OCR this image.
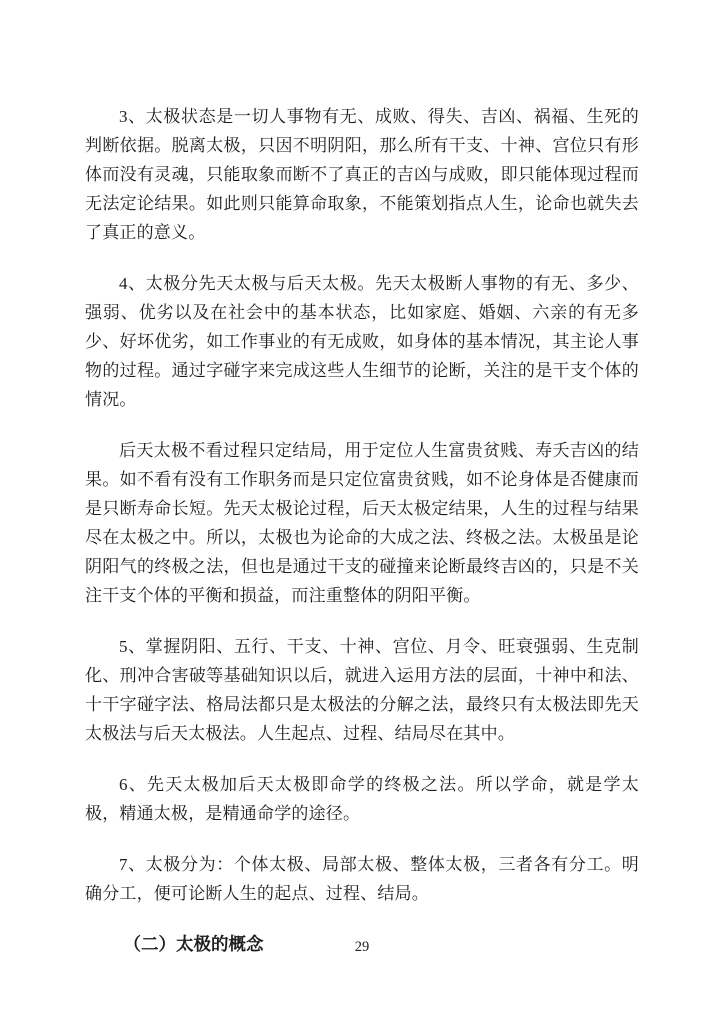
3、太极状态是一切人事物有无、成败、得失、吉凶、祸福、生死的判断依据。脱离太极，只因不明阴阳，那么所有干支、十神、宫位只有形体而没有灵魂，只能取象而断不了真正的吉凶与成败，即只能体现过程而无法定论结果。如此则只能算命取象，不能策划指点人生，论命也就失去了真正的意义。

4、太极分先天太极与后天太极。先天太极断人事物的有无、多少、强弱、优劣以及在社会中的基本状态，比如家庭、婚姻、六亲的有无多少、好坏优劣，如工作事业的有无成败，如身体的基本情况，其主论人事物的过程。通过字碰字来完成这些人生细节的论断，关注的是干支个体的情况。

后天太极不看过程只定结局，用于定位人生富贵贫贱、寿夭吉凶的结果。如不看有没有工作职务而是只定位富贵贫贱，如不论身体是否健康而是只断寿命长短。先天太极论过程，后天太极定结果，人生的过程与结果尽在太极之中。所以，太极也为论命的大成之法、终极之法。太极虽是论阴阳气的终极之法，但也是通过干支的碰撞来论断最终吉凶的，只是不关注干支个体的平衡和损益，而注重整体的阴阳平衡。

5、掌握阴阳、五行、干支、十神、宫位、月令、旺衰强弱、生克制化、刑冲合害破等基础知识以后，就进入运用方法的层面，十神中和法、十干字碰字法、格局法都只是太极法的分解之法，最终只有太极法即先天太极法与后天太极法。人生起点、过程、结局尽在其中。

6、先天太极加后天太极即命学的终极之法。所以学命，就是学太极，精通太极，是精通命学的途径。

7、太极分为：个体太极、局部太极、整体太极，三者各有分工。明确分工，便可论断人生的起点、过程、结局。

（二）太极的概念	29
